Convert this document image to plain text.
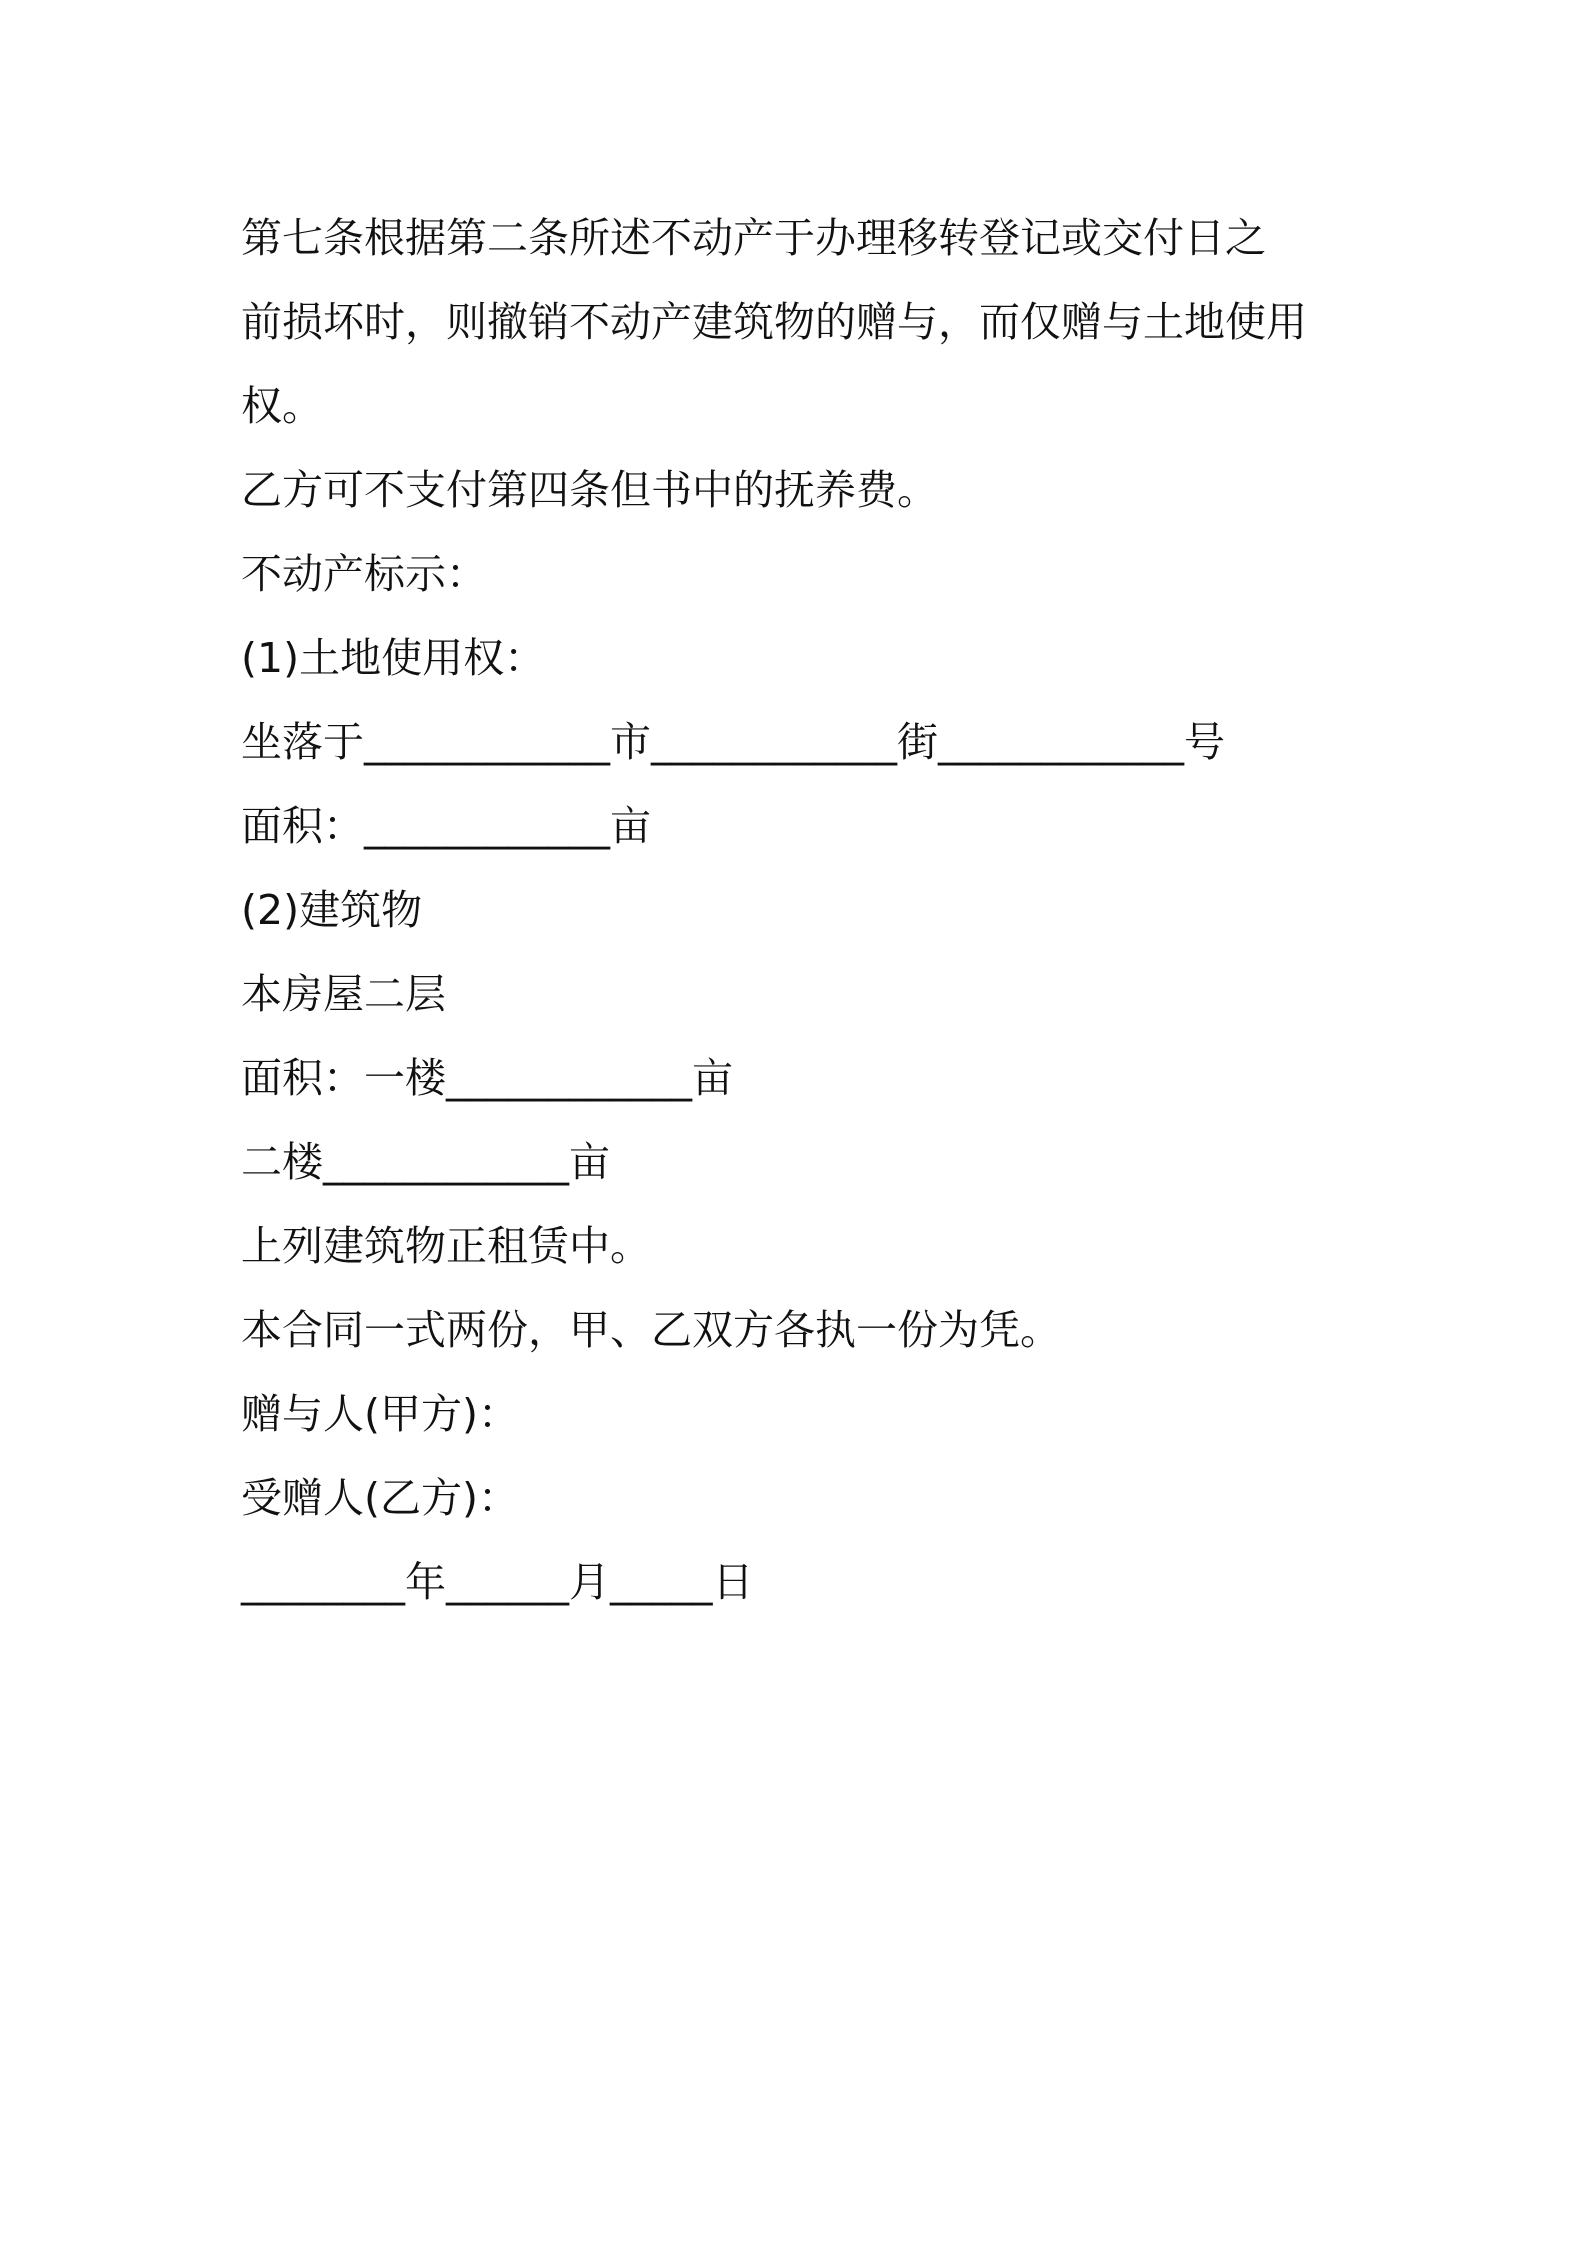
第七条根据第二条所述不动产于办理移转登记或交付日之

前损坏时，则撤销不动产建筑物的赠与，而仅赠与土地使用

权。

乙方可不支付第四条但书中的抚养费。

不动产标示：

(1)土地使用权：

坐落于____________市____________街____________号

面积：____________亩

(2)建筑物

本房屋二层

面积：一楼____________亩

二楼____________亩

上列建筑物正租赁中。

本合同一式两份，甲、乙双方各执一份为凭。

赠与人(甲方)：

受赠人(乙方)：

________年______月_____日
